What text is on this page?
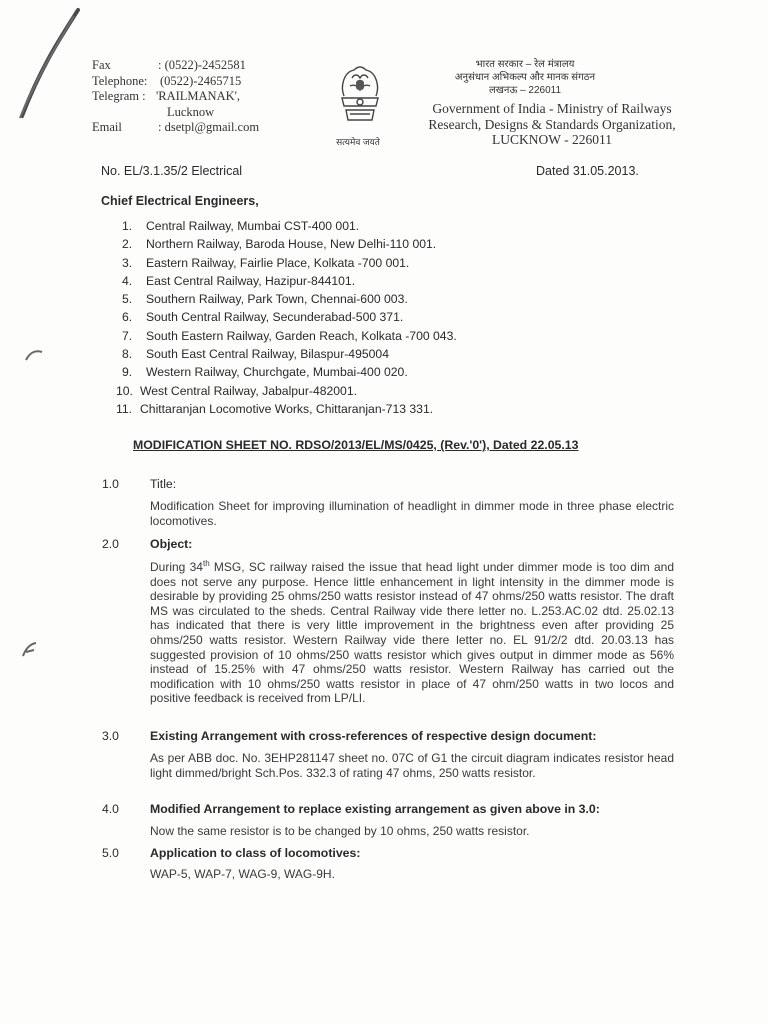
Fax	: (0522)-2452581
Telephone:	(0522)-2465715
Telegram : 'RAILMANAK',
Lucknow
Email	: dsetpl@gmail.com
सत्यमेव जयते
भारत सरकार – रेल मंत्रालय
अनुसंधान अभिकल्प और मानक संगठन
लखनऊ – 226011
Government of India - Ministry of Railways
Research, Designs & Standards Organization,
LUCKNOW - 226011
No. EL/3.1.35/2 Electrical	Dated 31.05.2013.
Chief Electrical Engineers,
1.	Central Railway, Mumbai CST-400 001.
2.	Northern Railway, Baroda House, New Delhi-110 001.
3.	Eastern Railway, Fairlie Place, Kolkata -700 001.
4.	East Central Railway, Hazipur-844101.
5.	Southern Railway, Park Town, Chennai-600 003.
6.	South Central Railway, Secunderabad-500 371.
7.	South Eastern Railway, Garden Reach, Kolkata -700 043.
8.	South East Central Railway, Bilaspur-495004
9.	Western Railway, Churchgate, Mumbai-400 020.
10. West Central Railway, Jabalpur-482001.
11. Chittaranjan Locomotive Works, Chittaranjan-713 331.
MODIFICATION SHEET NO. RDSO/2013/EL/MS/0425, (Rev.'0'), Dated 22.05.13
1.0	Title:
Modification Sheet for improving illumination of headlight in dimmer mode in three phase electric locomotives.
2.0	Object:
During 34th MSG, SC railway raised the issue that head light under dimmer mode is too dim and does not serve any purpose. Hence little enhancement in light intensity in the dimmer mode is desirable by providing 25 ohms/250 watts resistor instead of 47 ohms/250 watts resistor. The draft MS was circulated to the sheds. Central Railway vide there letter no. L.253.AC.02 dtd. 25.02.13 has indicated that there is very little improvement in the brightness even after providing 25 ohms/250 watts resistor. Western Railway vide there letter no. EL 91/2/2 dtd. 20.03.13 has suggested provision of 10 ohms/250 watts resistor which gives output in dimmer mode as 56% instead of 15.25% with 47 ohms/250 watts resistor. Western Railway has carried out the modification with 10 ohms/250 watts resistor in place of 47 ohm/250 watts in two locos and positive feedback is received from LP/LI.
3.0	Existing Arrangement with cross-references of respective design document:
As per ABB doc. No. 3EHP281147 sheet no. 07C of G1 the circuit diagram indicates resistor head light dimmed/bright Sch.Pos. 332.3 of rating 47 ohms, 250 watts resistor.
4.0	Modified Arrangement to replace existing arrangement as given above in 3.0:
Now the same resistor is to be changed by 10 ohms, 250 watts resistor.
5.0	Application to class of locomotives:
WAP-5, WAP-7, WAG-9, WAG-9H.
